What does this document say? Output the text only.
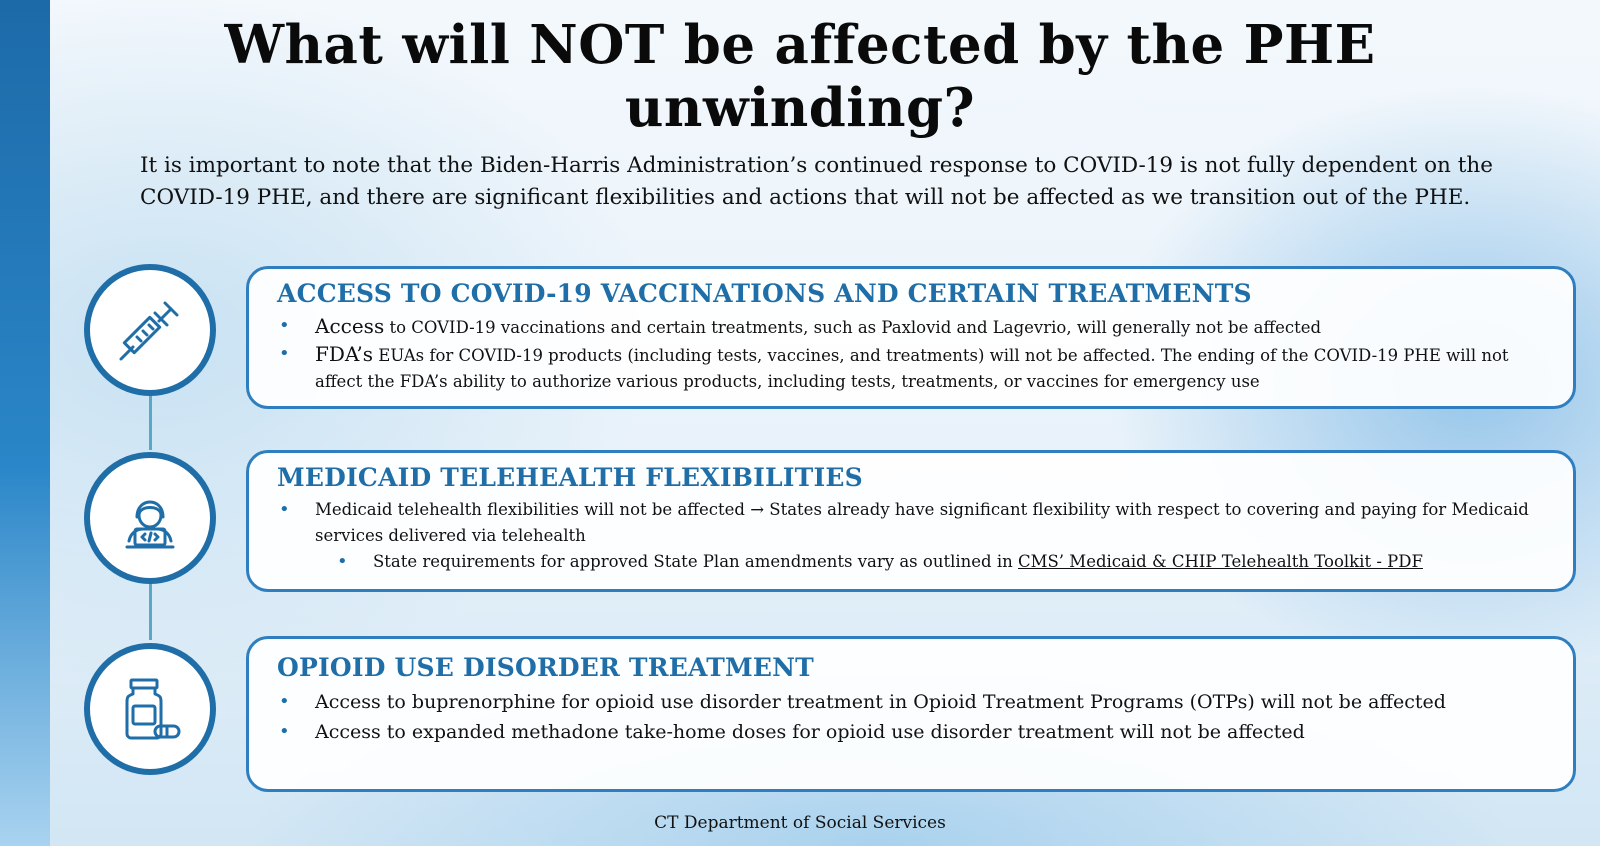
What will NOT be affected by the PHE unwinding?

It is important to note that the Biden-Harris Administration’s continued response to COVID-19 is not fully dependent on the COVID-19 PHE, and there are significant flexibilities and actions that will not be affected as we transition out of the PHE.

ACCESS TO COVID-19 VACCINATIONS AND CERTAIN TREATMENTS
• Access to COVID-19 vaccinations and certain treatments, such as Paxlovid and Lagevrio, will generally not be affected
• FDA’s EUAs for COVID-19 products (including tests, vaccines, and treatments) will not be affected. The ending of the COVID-19 PHE will not affect the FDA’s ability to authorize various products, including tests, treatments, or vaccines for emergency use
MEDICAID TELEHEALTH FLEXIBILITIES
• Medicaid telehealth flexibilities will not be affected → States already have significant flexibility with respect to covering and paying for Medicaid services delivered via telehealth
• State requirements for approved State Plan amendments vary as outlined in CMS’ Medicaid & CHIP Telehealth Toolkit - PDF
OPIOID USE DISORDER TREATMENT
• Access to buprenorphine for opioid use disorder treatment in Opioid Treatment Programs (OTPs) will not be affected
• Access to expanded methadone take-home doses for opioid use disorder treatment will not be affected
CT Department of Social Services
